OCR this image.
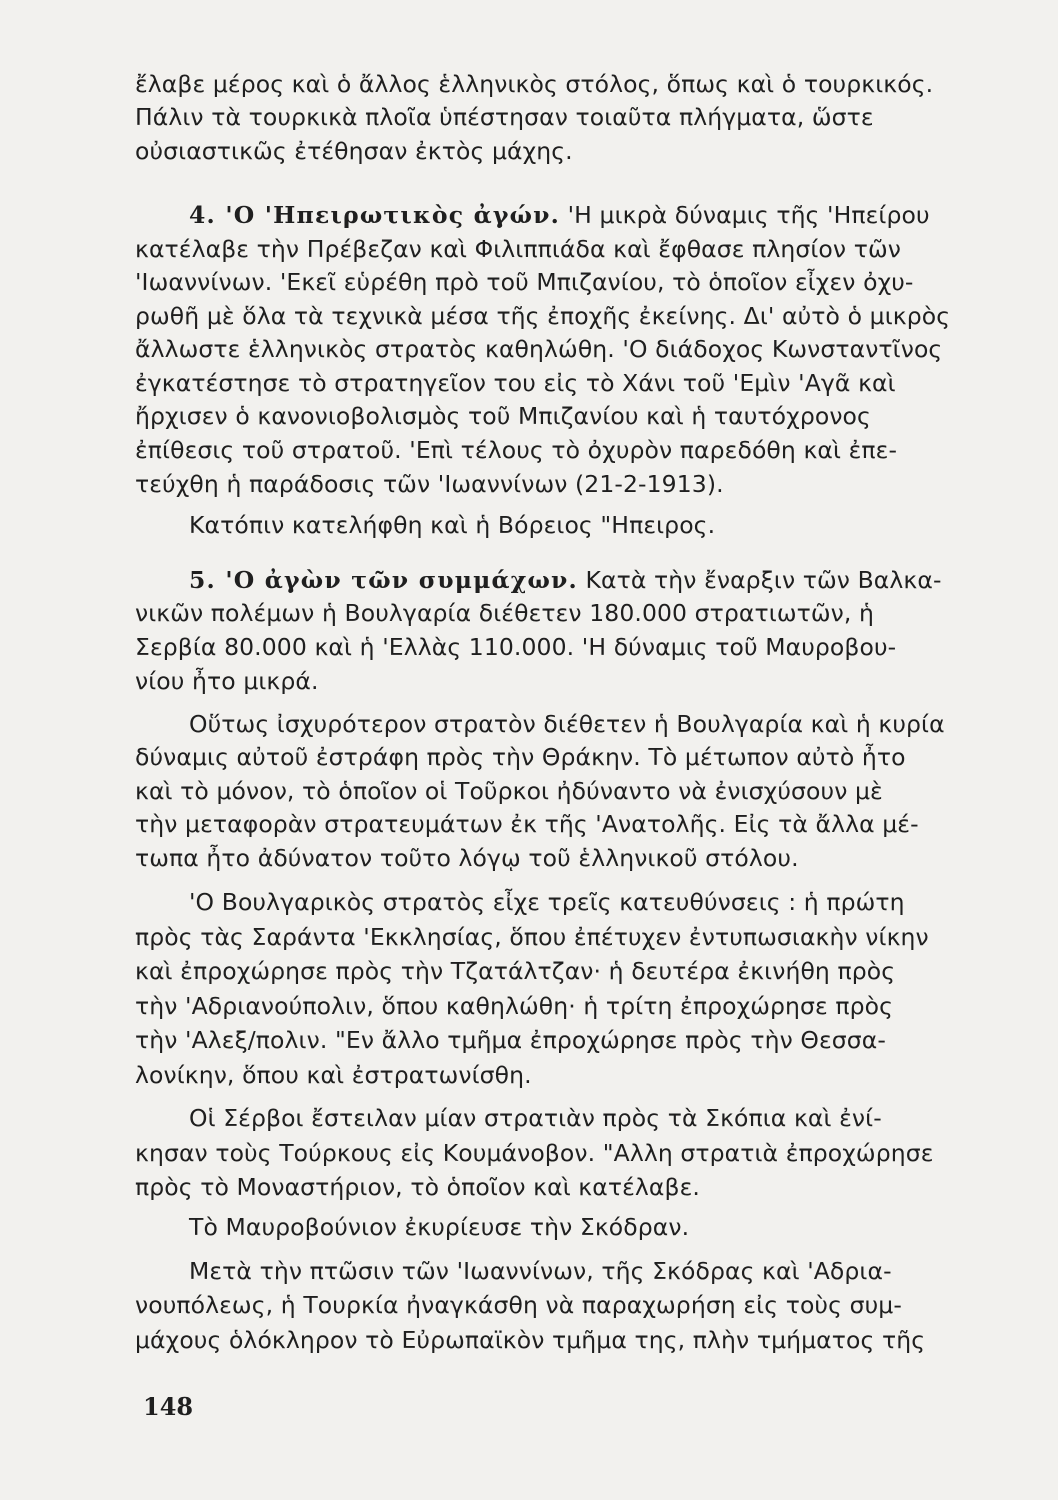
ἔλαβε μέρος καὶ ὁ ἄλλος ἑλληνικὸς στόλος, ὅπως καὶ ὁ τουρκικός.
Πάλιν τὰ τουρκικὰ πλοῖα ὑπέστησαν τοιαῦτα πλήγματα, ὥστε
οὐσιαστικῶς ἐτέθησαν ἐκτὸς μάχης.
4. 'Ο 'Ηπειρωτικὸς ἀγών. 'Η μικρὰ δύναμις τῆς 'Ηπείρου
κατέλαβε τὴν Πρέβεζαν καὶ Φιλιππιάδα καὶ ἔφθασε πλησίον τῶν
'Ιωαννίνων. 'Εκεῖ εὑρέθη πρὸ τοῦ Μπιζανίου, τὸ ὁποῖον εἶχεν ὀχυ-
ρωθῆ μὲ ὅλα τὰ τεχνικὰ μέσα τῆς ἐποχῆς ἐκείνης. Δι' αὐτὸ ὁ μικρὸς
ἄλλωστε ἑλληνικὸς στρατὸς καθηλώθη. 'Ο διάδοχος Κωνσταντῖνος
ἐγκατέστησε τὸ στρατηγεῖον του εἰς τὸ Χάνι τοῦ 'Εμὶν 'Αγᾶ καὶ
ἤρχισεν ὁ κανονιοβολισμὸς τοῦ Μπιζανίου καὶ ἡ ταυτόχρονος
ἐπίθεσις τοῦ στρατοῦ. 'Επὶ τέλους τὸ ὀχυρὸν παρεδόθη καὶ ἐπε-
τεύχθη ἡ παράδοσις τῶν 'Ιωαννίνων (21-2-1913).
Κατόπιν κατελήφθη καὶ ἡ Βόρειος "Ηπειρος.
5. 'Ο ἀγὼν τῶν συμμάχων. Κατὰ τὴν ἔναρξιν τῶν Βαλκα-
νικῶν πολέμων ἡ Βουλγαρία διέθετεν 180.000 στρατιωτῶν, ἡ
Σερβία 80.000 καὶ ἡ 'Ελλὰς 110.000. 'Η δύναμις τοῦ Μαυροβου-
νίου ἦτο μικρά.
Οὕτως ἰσχυρότερον στρατὸν διέθετεν ἡ Βουλγαρία καὶ ἡ κυρία
δύναμις αὐτοῦ ἐστράφη πρὸς τὴν Θράκην. Τὸ μέτωπον αὐτὸ ἦτο
καὶ τὸ μόνον, τὸ ὁποῖον οἱ Τοῦρκοι ἠδύναντο νὰ ἐνισχύσουν μὲ
τὴν μεταφορὰν στρατευμάτων ἐκ τῆς 'Ανατολῆς. Εἰς τὰ ἄλλα μέ-
τωπα ἦτο ἀδύνατον τοῦτο λόγῳ τοῦ ἑλληνικοῦ στόλου.
'Ο Βουλγαρικὸς στρατὸς εἶχε τρεῖς κατευθύνσεις : ἡ πρώτη
πρὸς τὰς Σαράντα 'Εκκλησίας, ὅπου ἐπέτυχεν ἐντυπωσιακὴν νίκην
καὶ ἐπροχώρησε πρὸς τὴν Τζατάλτζαν· ἡ δευτέρα ἐκινήθη πρὸς
τὴν 'Αδριανούπολιν, ὅπου καθηλώθη· ἡ τρίτη ἐπροχώρησε πρὸς
τὴν 'Αλεξ/πολιν. "Εν ἄλλο τμῆμα ἐπροχώρησε πρὸς τὴν Θεσσα-
λονίκην, ὅπου καὶ ἐστρατωνίσθη.
Οἱ Σέρβοι ἔστειλαν μίαν στρατιὰν πρὸς τὰ Σκόπια καὶ ἐνί-
κησαν τοὺς Τούρκους εἰς Κουμάνοβον. "Αλλη στρατιὰ ἐπροχώρησε
πρὸς τὸ Μοναστήριον, τὸ ὁποῖον καὶ κατέλαβε.
Τὸ Μαυροβούνιον ἐκυρίευσε τὴν Σκόδραν.
Μετὰ τὴν πτῶσιν τῶν 'Ιωαννίνων, τῆς Σκόδρας καὶ 'Αδρια-
νουπόλεως, ἡ Τουρκία ἠναγκάσθη νὰ παραχωρήση εἰς τοὺς συμ-
μάχους ὁλόκληρον τὸ Εὐρωπαϊκὸν τμῆμα της, πλὴν τμήματος τῆς
148
